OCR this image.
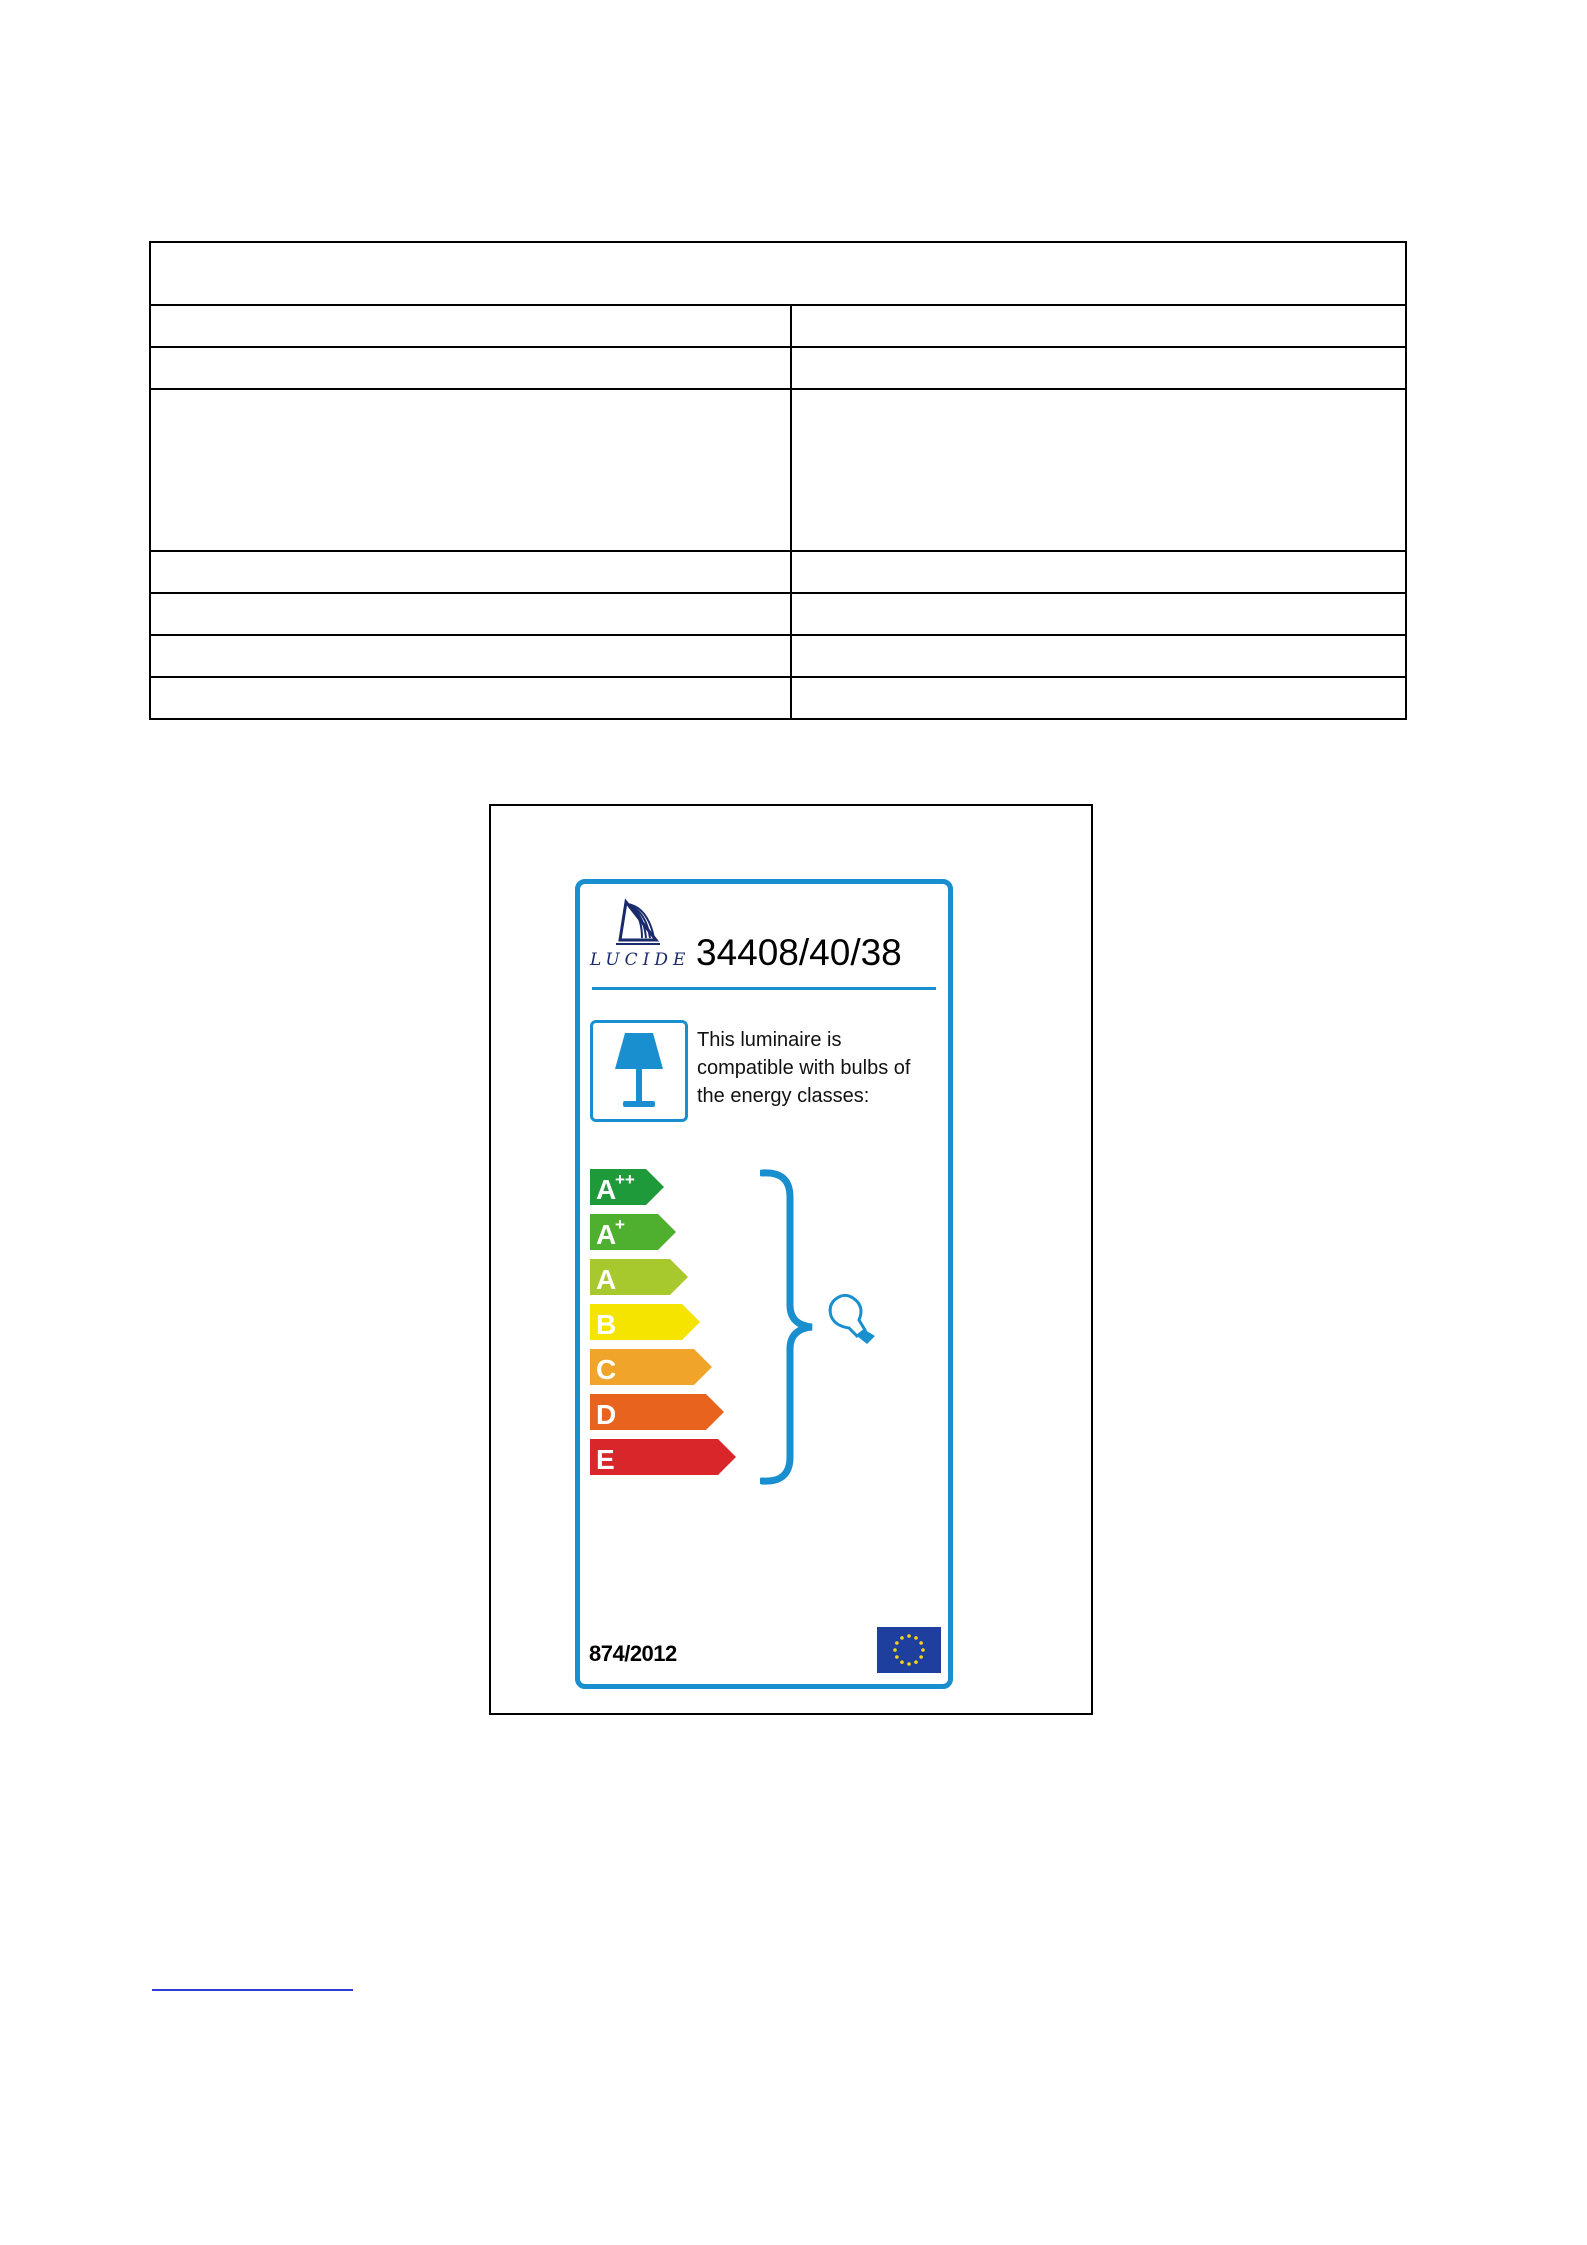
LUCIDE 34408/40/38
This luminaire is compatible with bulbs of the energy classes:
A
++
A
+
A
B
C
D
E
874/2012
